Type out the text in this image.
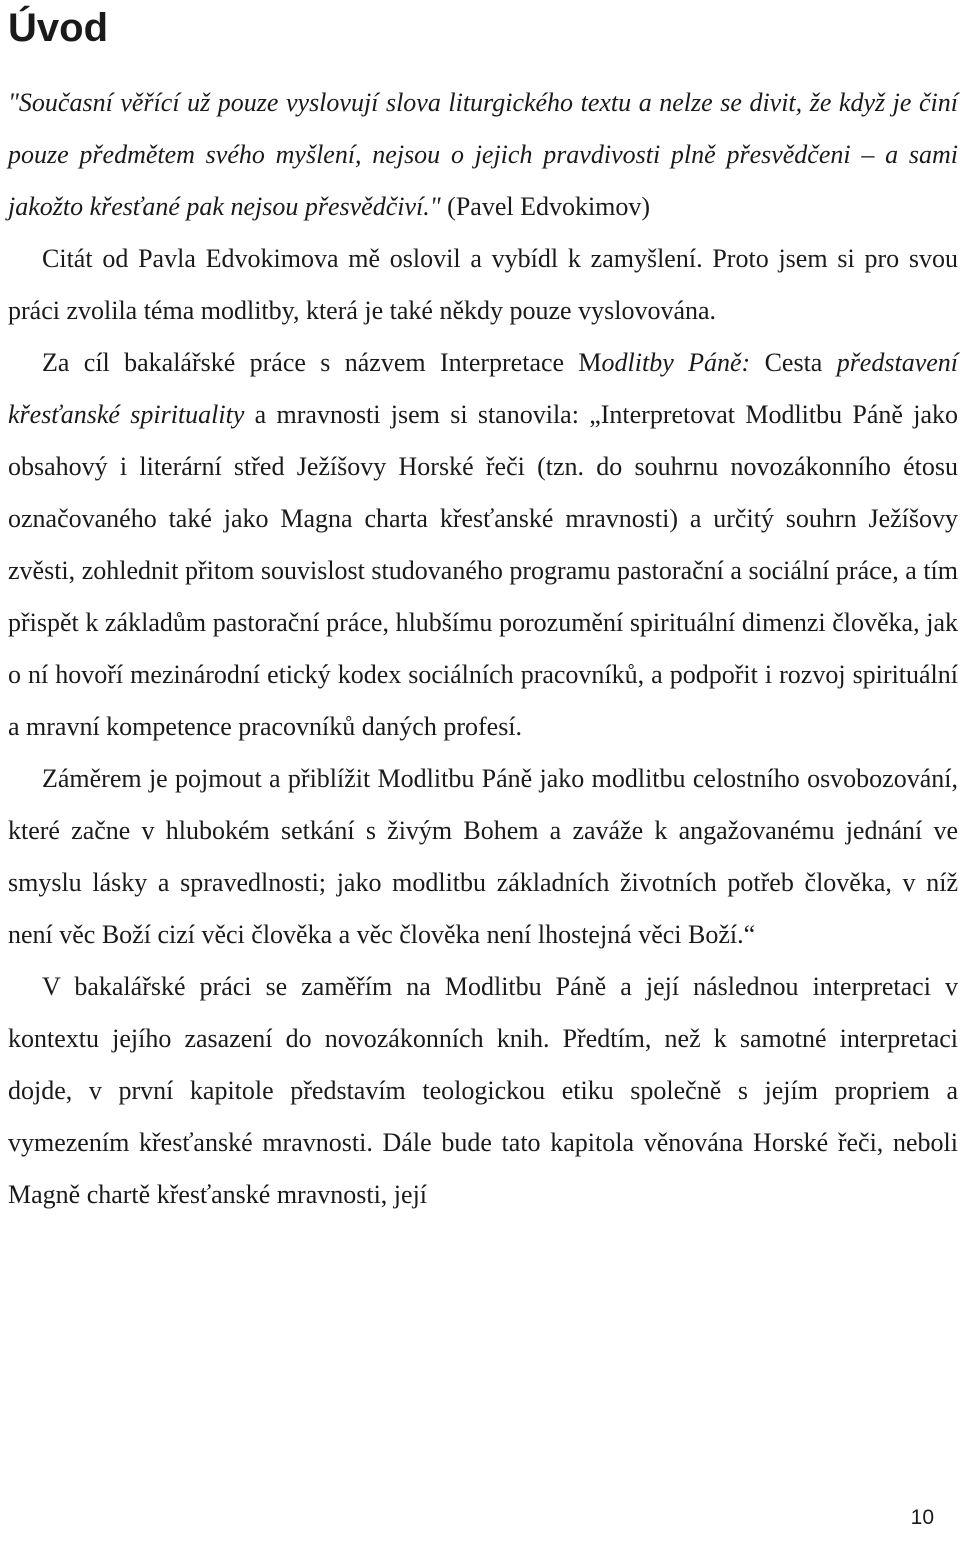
Úvod

"Současní věřící už pouze vyslovují slova liturgického textu a nelze se divit, že když je činí pouze předmětem svého myšlení, nejsou o jejich pravdivosti plně přesvědčeni – a sami jakožto křesťané pak nejsou přesvědčiví." (Pavel Edvokimov)

Citát od Pavla Edvokimova mě oslovil a vybídl k zamyšlení. Proto jsem si pro svou práci zvolila téma modlitby, která je také někdy pouze vyslovována.

Za cíl bakalářské práce s názvem Interpretace Modlitby Páně: Cesta představení křesťanské spirituality a mravnosti jsem si stanovila: „Interpretovat Modlitbu Páně jako obsahový i literární střed Ježíšovy Horské řeči (tzn. do souhrnu novozákonního étosu označovaného také jako Magna charta křesťanské mravnosti) a určitý souhrn Ježíšovy zvěsti, zohlednit přitom souvislost studovaného programu pastorační a sociální práce, a tím přispět k základům pastorační práce, hlubšímu porozumění spirituální dimenzi člověka, jak o ní hovoří mezinárodní etický kodex sociálních pracovníků, a podpořit i rozvoj spirituální a mravní kompetence pracovníků daných profesí.

Záměrem je pojmout a přiblížit Modlitbu Páně jako modlitbu celostního osvobozování, které začne v hlubokém setkání s živým Bohem a zaváže k angažovanému jednání ve smyslu lásky a spravedlnosti; jako modlitbu základních životních potřeb člověka, v níž není věc Boží cizí věci člověka a věc člověka není lhostejná věci Boží.“

V bakalářské práci se zaměřím na Modlitbu Páně a její následnou interpretaci v kontextu jejího zasazení do novozákonních knih. Předtím, než k samotné interpretaci dojde, v první kapitole představím teologickou etiku společně s jejím propriem a vymezením křesťanské mravnosti. Dále bude tato kapitola věnována Horské řeči, neboli Magně chartě křesťanské mravnosti, její

10
